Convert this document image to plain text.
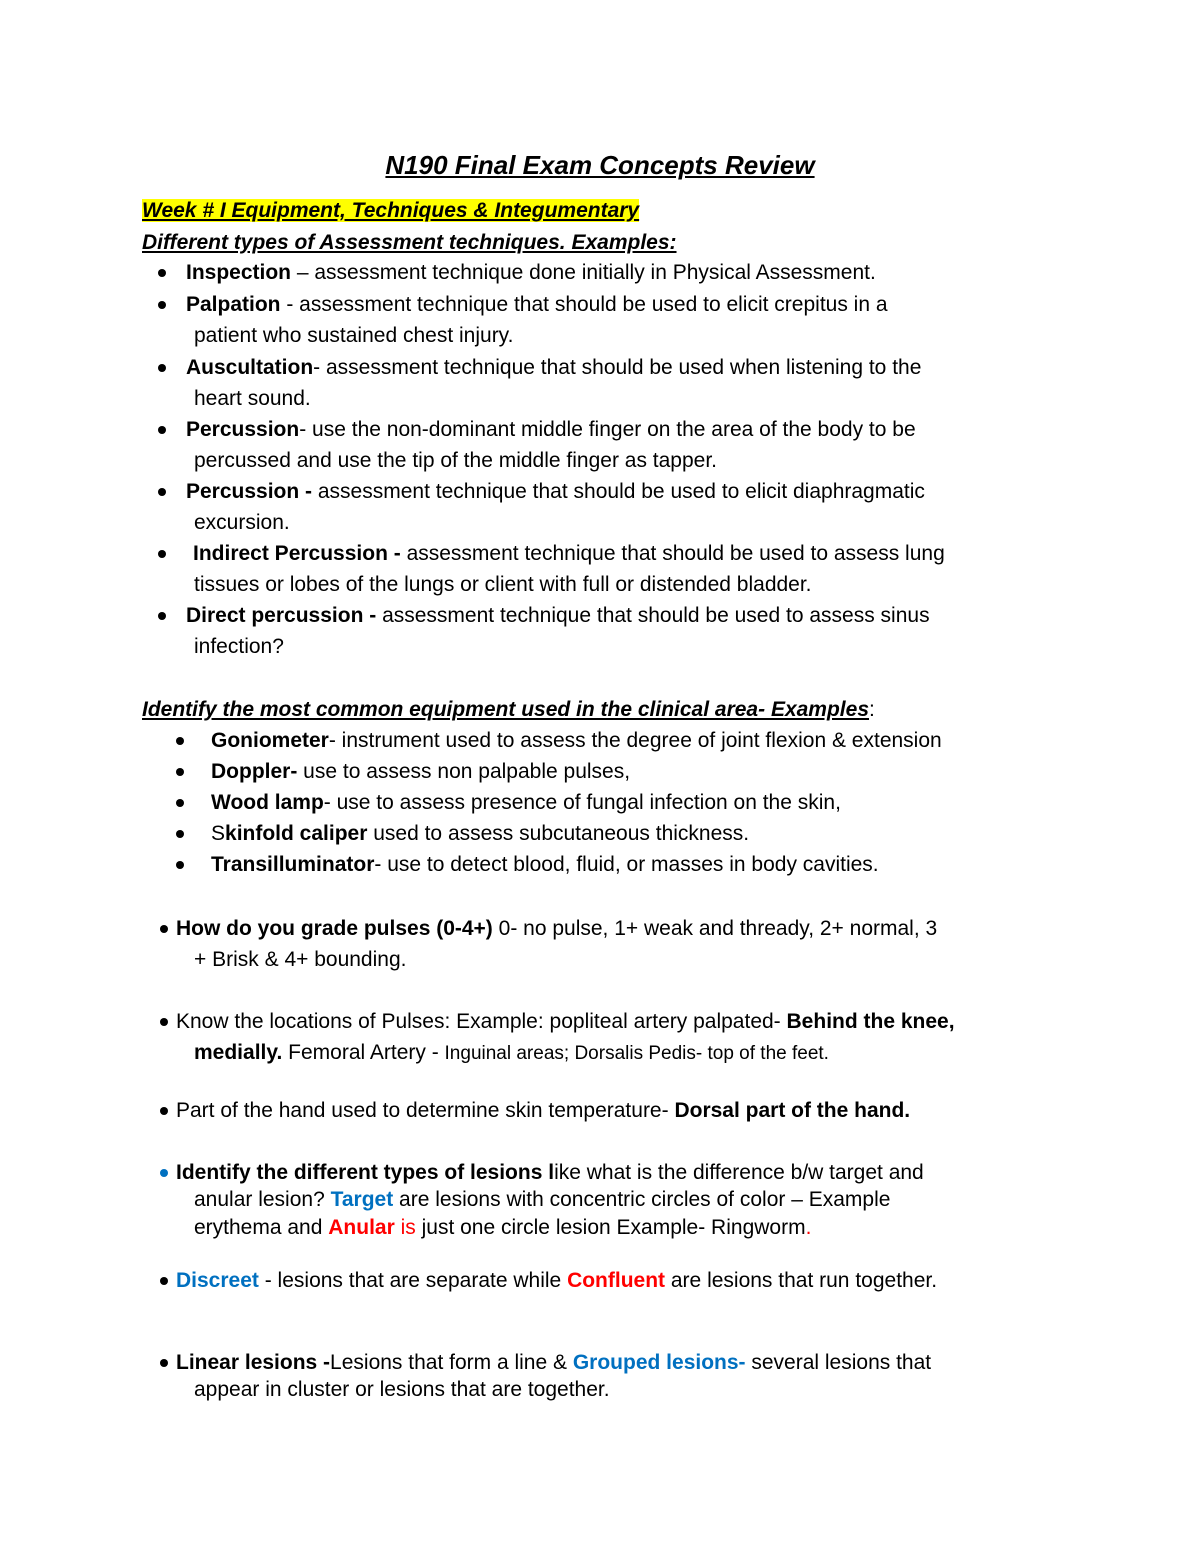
N190 Final Exam Concepts Review
Week # I Equipment, Techniques & Integumentary
Different types of Assessment techniques. Examples:
Inspection – assessment technique done initially in Physical Assessment.
Palpation - assessment technique that should be used to elicit crepitus in a
patient who sustained chest injury.
Auscultation- assessment technique that should be used when listening to the
heart sound.
Percussion- use the non-dominant middle finger on the area of the body to be
percussed and use the tip of the middle finger as tapper.
Percussion - assessment technique that should be used to elicit diaphragmatic
excursion.
Indirect Percussion - assessment technique that should be used to assess lung
tissues or lobes of the lungs or client with full or distended bladder.
Direct percussion - assessment technique that should be used to assess sinus
infection?
Identify the most common equipment used in the clinical area- Examples:
Goniometer- instrument used to assess the degree of joint flexion & extension
Doppler- use to assess non palpable pulses,
Wood lamp- use to assess presence of fungal infection on the skin,
Skinfold caliper used to assess subcutaneous thickness.
Transilluminator- use to detect blood, fluid, or masses in body cavities.
How do you grade pulses (0-4+) 0- no pulse, 1+ weak and thready, 2+ normal, 3
+ Brisk & 4+ bounding.
Know the locations of Pulses: Example: popliteal artery palpated- Behind the knee,
medially. Femoral Artery - Inguinal areas; Dorsalis Pedis- top of the feet.
Part of the hand used to determine skin temperature- Dorsal part of the hand.
Identify the different types of lesions like what is the difference b/w target and
anular lesion? Target are lesions with concentric circles of color – Example
erythema and Anular is just one circle lesion Example- Ringworm.
Discreet - lesions that are separate while Confluent are lesions that run together.
Linear lesions -Lesions that form a line & Grouped lesions- several lesions that
appear in cluster or lesions that are together.
